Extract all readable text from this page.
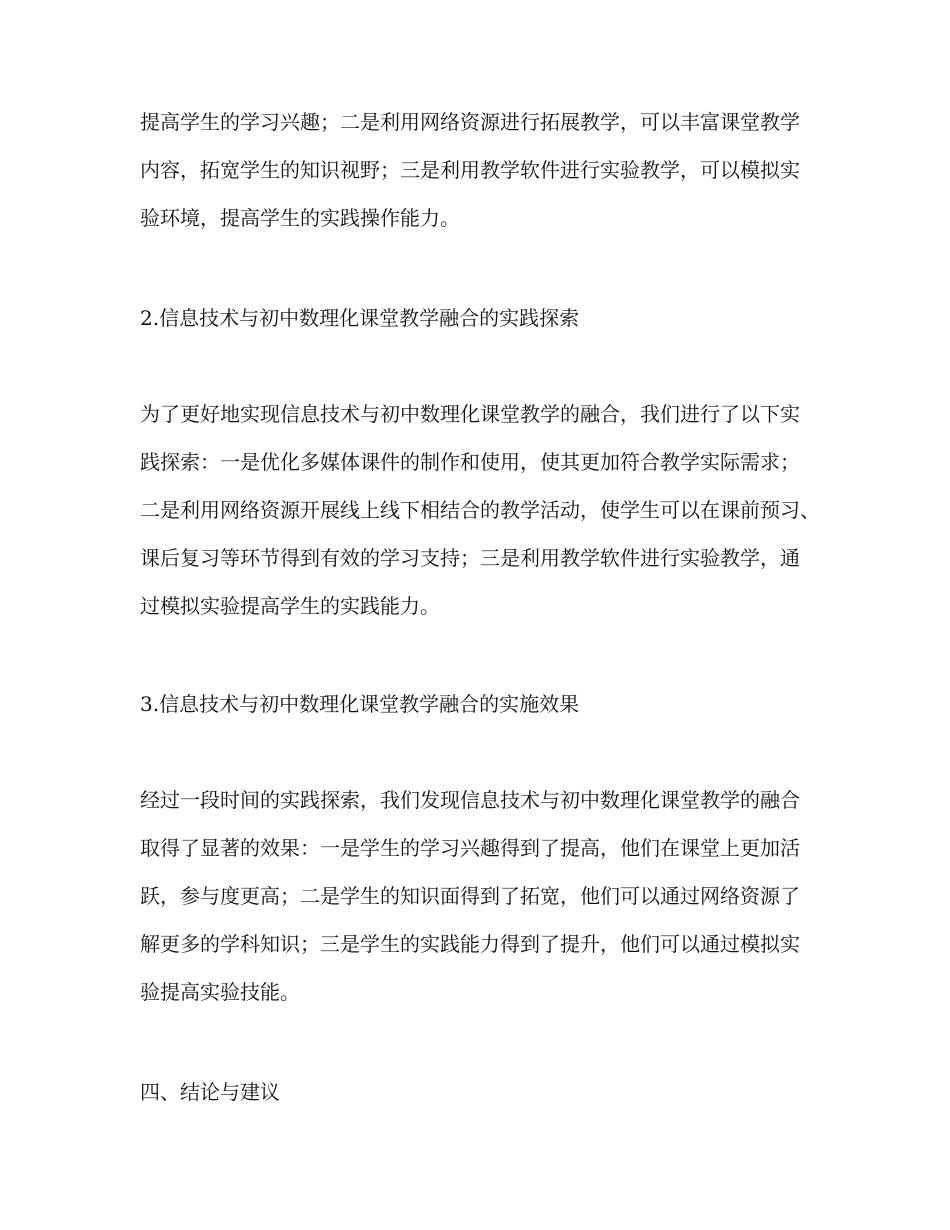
提高学生的学习兴趣；二是利用网络资源进行拓展教学，可以丰富课堂教学
内容，拓宽学生的知识视野；三是利用教学软件进行实验教学，可以模拟实
验环境，提高学生的实践操作能力。
2.信息技术与初中数理化课堂教学融合的实践探索
为了更好地实现信息技术与初中数理化课堂教学的融合，我们进行了以下实
践探索：一是优化多媒体课件的制作和使用，使其更加符合教学实际需求；
二是利用网络资源开展线上线下相结合的教学活动，使学生可以在课前预习、
课后复习等环节得到有效的学习支持；三是利用教学软件进行实验教学，通
过模拟实验提高学生的实践能力。
3.信息技术与初中数理化课堂教学融合的实施效果
经过一段时间的实践探索，我们发现信息技术与初中数理化课堂教学的融合
取得了显著的效果：一是学生的学习兴趣得到了提高，他们在课堂上更加活
跃，参与度更高；二是学生的知识面得到了拓宽，他们可以通过网络资源了
解更多的学科知识；三是学生的实践能力得到了提升，他们可以通过模拟实
验提高实验技能。
四、结论与建议
